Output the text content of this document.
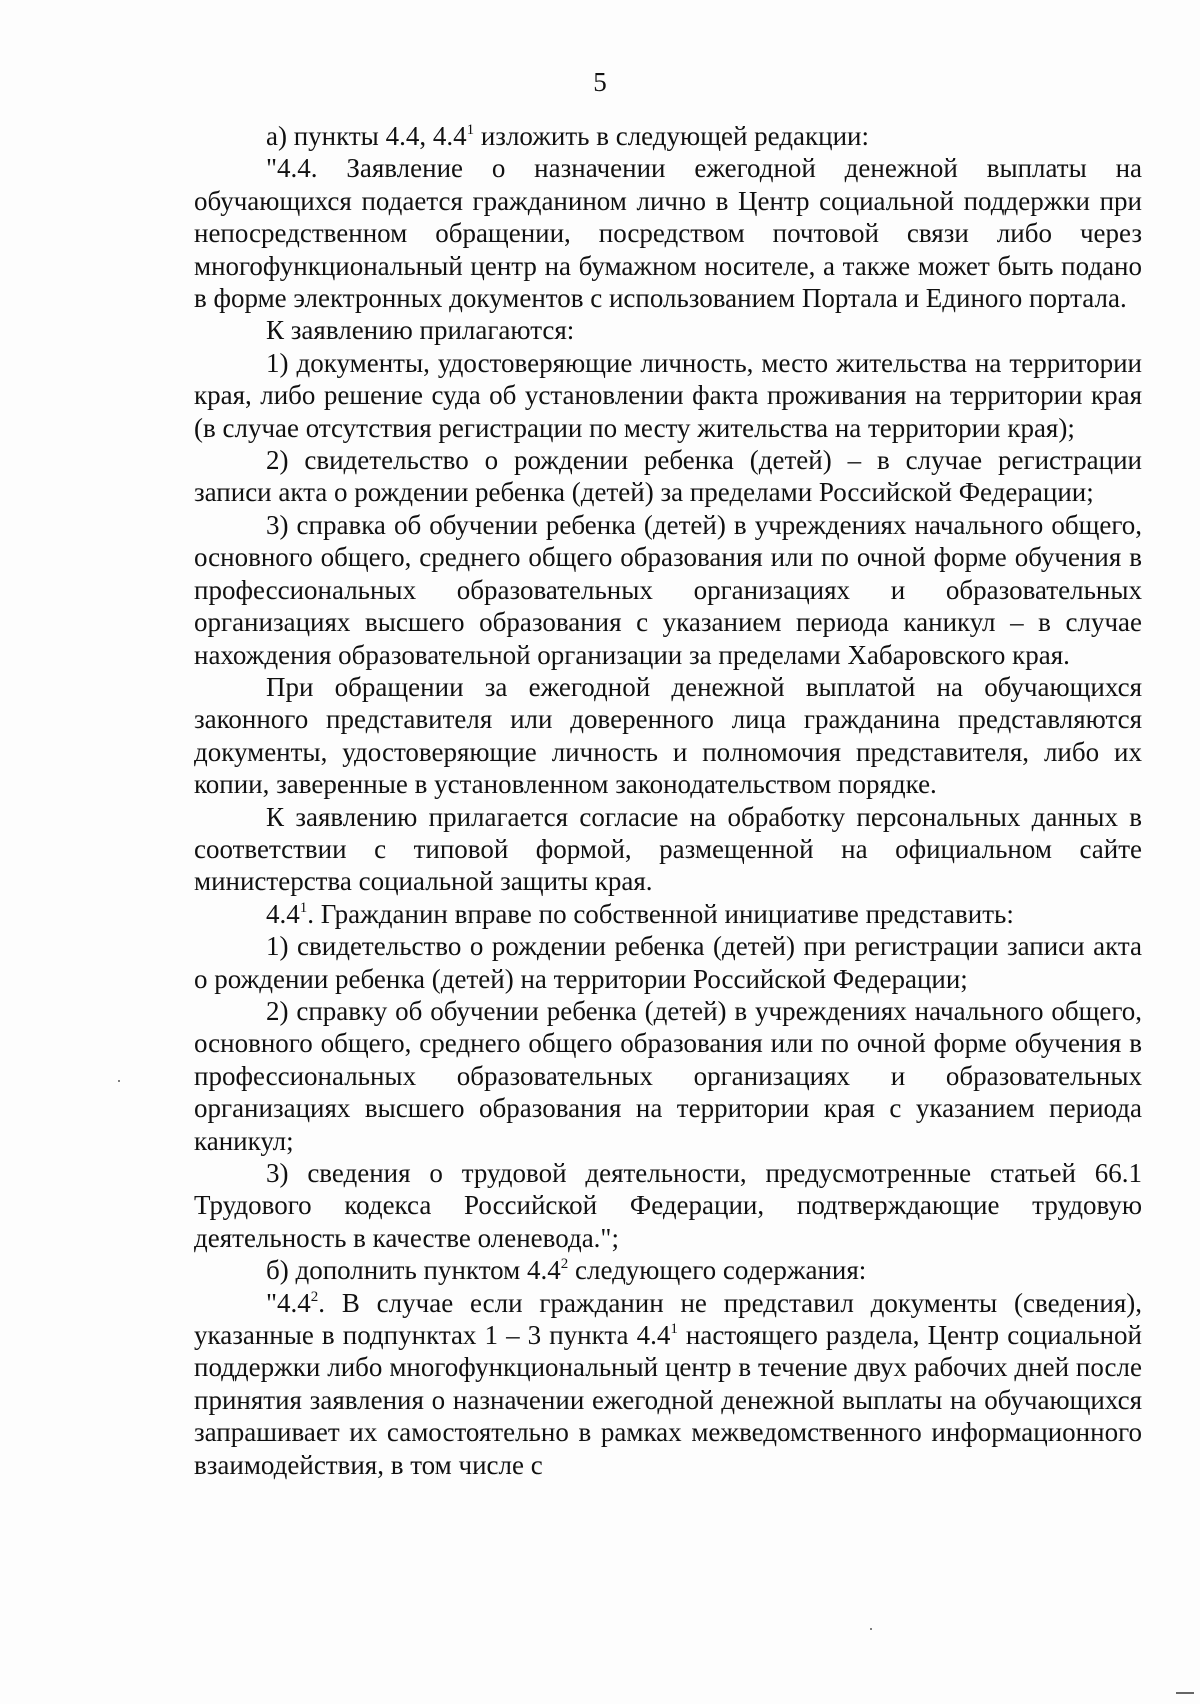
5

а) пункты 4.4, $4.4^1$ изложить в следующей редакции:

"4.4. Заявление о назначении ежегодной денежной выплаты на обучающихся подается гражданином лично в Центр социальной поддержки при непосредственном обращении, посредством почтовой связи либо через многофункциональный центр на бумажном носителе, а также может быть подано в форме электронных документов с использованием Портала и Единого портала.

К заявлению прилагаются:

1) документы, удостоверяющие личность, место жительства на территории края, либо решение суда об установлении факта проживания на территории края (в случае отсутствия регистрации по месту жительства на территории края);

2) свидетельство о рождении ребенка (детей) – в случае регистрации записи акта о рождении ребенка (детей) за пределами Российской Федерации;

3) справка об обучении ребенка (детей) в учреждениях начального общего, основного общего, среднего общего образования или по очной форме обучения в профессиональных образовательных организациях и образовательных организациях высшего образования с указанием периода каникул – в случае нахождения образовательной организации за пределами Хабаровского края.

При обращении за ежегодной денежной выплатой на обучающихся законного представителя или доверенного лица гражданина представляются документы, удостоверяющие личность и полномочия представителя, либо их копии, заверенные в установленном законодательством порядке.

К заявлению прилагается согласие на обработку персональных данных в соответствии с типовой формой, размещенной на официальном сайте министерства социальной защиты края.

$4.4^1$. Гражданин вправе по собственной инициативе представить:

1) свидетельство о рождении ребенка (детей) при регистрации записи акта о рождении ребенка (детей) на территории Российской Федерации;

2) справку об обучении ребенка (детей) в учреждениях начального общего, основного общего, среднего общего образования или по очной форме обучения в профессиональных образовательных организациях и образовательных организациях высшего образования на территории края с указанием периода каникул;

3) сведения о трудовой деятельности, предусмотренные статьей 66.1 Трудового кодекса Российской Федерации, подтверждающие трудовую деятельность в качестве оленевода.";

б) дополнить пунктом $4.4^2$ следующего содержания:

"$4.4^2$. В случае если гражданин не представил документы (сведения), указанные в подпунктах 1 – 3 пункта $4.4^1$ настоящего раздела, Центр социальной поддержки либо многофункциональный центр в течение двух рабочих дней после принятия заявления о назначении ежегодной денежной выплаты на обучающихся запрашивает их самостоятельно в рамках межведомственного информационного взаимодействия, в том числе с
